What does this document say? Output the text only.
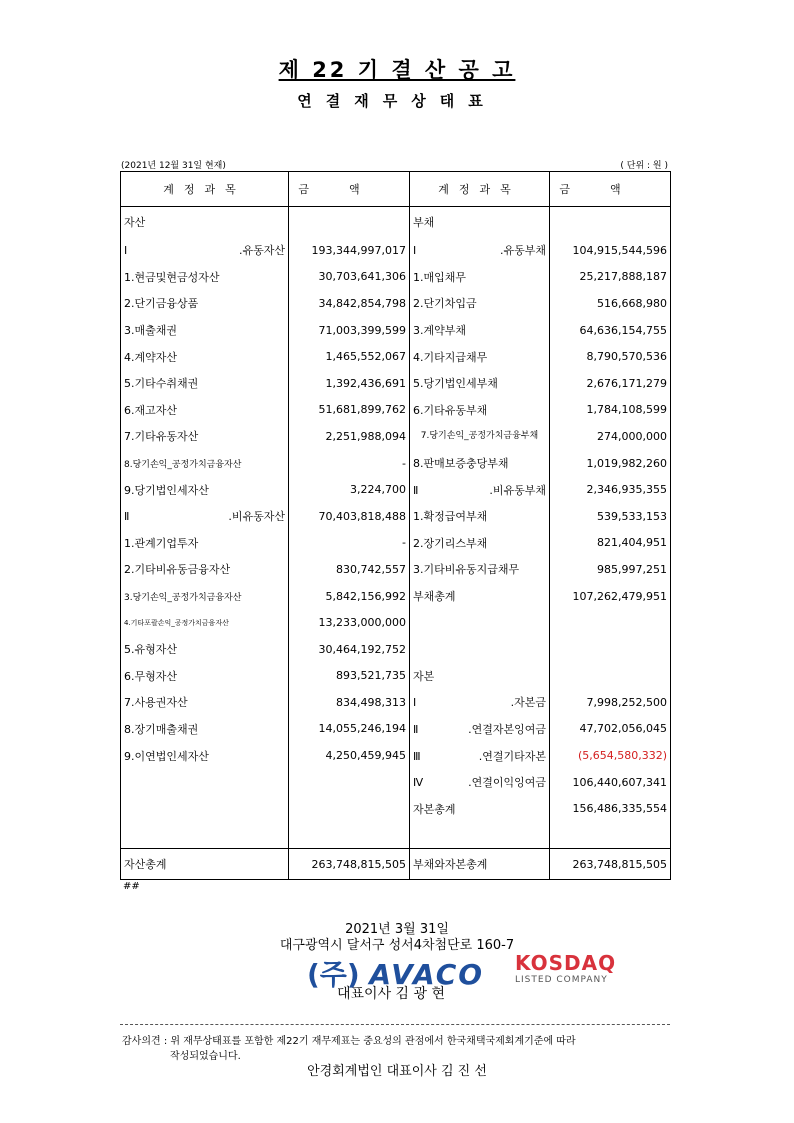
제 22 기 결 산 공 고
연결재무상태표
(2021년 12월 31일 현재)	( 단위 : 원 )
계정과목	금액	계정과목	금액
자산		부채	
Ⅰ.유동자산	193,344,997,017	Ⅰ.유동부채	104,915,544,596
1.현금및현금성자산	30,703,641,306	1.매입채무	25,217,888,187
2.단기금융상품	34,842,854,798	2.단기차입금	516,668,980
3.매출채권	71,003,399,599	3.계약부채	64,636,154,755
4.계약자산	1,465,552,067	4.기타지급채무	8,790,570,536
5.기타수취채권	1,392,436,691	5.당기법인세부채	2,676,171,279
6.재고자산	51,681,899,762	6.기타유동부채	1,784,108,599
7.기타유동자산	2,251,988,094	7.당기손익_공정가치금융부채	274,000,000
8.당기손익_공정가치금융자산	-	8.판매보증충당부채	1,019,982,260
9.당기법인세자산	3,224,700	Ⅱ.비유동부채	2,346,935,355
Ⅱ.비유동자산	70,403,818,488	1.확정급여부채	539,533,153
1.관계기업투자	-	2.장기리스부채	821,404,951
2.기타비유동금융자산	830,742,557	3.기타비유동지급채무	985,997,251
3.당기손익_공정가치금융자산	5,842,156,992	부채총계	107,262,479,951
4.기타포괄손익_공정가치금융자산	13,233,000,000		
5.유형자산	30,464,192,752		
6.무형자산	893,521,735	자본	
7.사용권자산	834,498,313	Ⅰ.자본금	7,998,252,500
8.장기매출채권	14,055,246,194	Ⅱ.연결자본잉여금	47,702,056,045
9.이연법인세자산	4,250,459,945	Ⅲ.연결기타자본	(5,654,580,332)
		Ⅳ.연결이익잉여금	106,440,607,341
		자본총계	156,486,335,554

자산총계	263,748,815,505	부채와자본총계	263,748,815,505
##
2021년 3월 31일
대구광역시 달서구 성서4차첨단로 160-7
(주) AVACO KOSDAQ
LISTED COMPANY
대표이사 김 광 현
감사의견 : 위 재무상태표를 포함한 제22기 재무제표는 중요성의 관점에서 한국채택국제회계기준에 따라
작성되었습니다.
안경회계법인 대표이사 김 진 선
